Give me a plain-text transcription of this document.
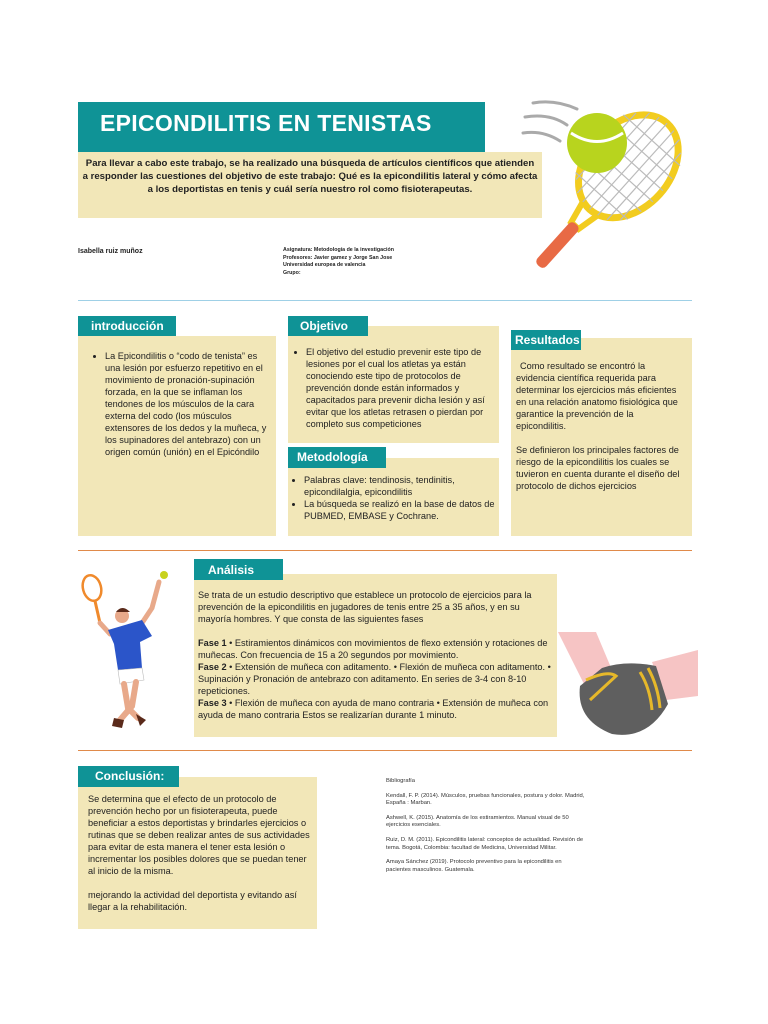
EPICONDILITIS EN TENISTAS

Para llevar a cabo este trabajo, se ha realizado una búsqueda de artículos científicos que atienden a responder las cuestiones del objetivo de este trabajo: Qué es la epicondilitis lateral y cómo afecta a los deportistas en tenis y cuál sería nuestro rol como fisioterapeutas.

Isabella ruiz muñoz	Asignatura: Metodología de la investigación
Profesores: Javier gamez y Jorge San Jose
Universidad europea de valencia
Grupo:
• La Epicondilitis o “codo de tenista” es una lesión por esfuerzo repetitivo en el movimiento de pronación-supinación forzada, en la que se inflaman los tendones de los músculos de la cara externa del codo (los músculos extensores de los dedos y la muñeca, y los supinadores del antebrazo) con un origen común (unión) en el Epicóndilo
introducción
• El objetivo del estudio prevenir este tipo de lesiones por el cual los atletas ya están conociendo este tipo de protocolos de prevención donde están informados y capacitados para prevenir dicha lesión y así evitar que los atletas retrasen o pierdan por completo sus competiciones
Objetivo
• Palabras clave: tendinosis, tendinitis, epicondilalgia, epicondilitis
• La búsqueda se realizó en la base de datos de PUBMED, EMBASE y Cochrane.
Metodología

Como resultado se encontró la evidencia científica requerida para determinar los ejercicios más eficientes en una relación anatomo fisiológica que garantice la prevención de la epicondilitis.

Se definieron los principales factores de riesgo de la epicondilitis los cuales se tuvieron en cuenta durante el diseño del protocolo de dichos ejercicios

Resultados

Se trata de un estudio descriptivo que establece un protocolo de ejercicios para la prevención de la epicondilitis en jugadores de tenis entre 25 a 35 años, y en su mayoría hombres. Y que consta de las siguientes fases

Fase 1 • Estiramientos dinámicos con movimientos de flexo extensión y rotaciones de muñecas. Con frecuencia de 15 a 20 segundos por movimiento.

Fase 2 • Extensión de muñeca con aditamento. • Flexión de muñeca con aditamento. • Supinación y Pronación de antebrazo con aditamento. En series de 3-4 con 8-10 repeticiones.

Fase 3 • Flexión de muñeca con ayuda de mano contraria • Extensión de muñeca con ayuda de mano contraria Estos se realizarían durante 1 minuto.

Análisis

Se determina que el efecto de un protocolo de prevención hecho por un fisioterapeuta, puede beneficiar a estos deportistas y brindarles ejercicios o rutinas que se deben realizar antes de sus actividades para evitar de esta manera el tener esta lesión o incrementar los posibles dolores que se puedan tener al inicio de la misma.

mejorando la actividad del deportista y evitando así llegar a la rehabilitación.

Conclusión:	Bibliografía

Kendall, F. P. (2014). Músculos, pruebas funcionales, postura y dolor. Madrid, España : Marban.

Ashwell, K. (2015). Anatomía de los estiramientos. Manual visual de 50 ejercicios esenciales.

Ruiz, D. M. (2011). Epicondilitis lateral: conceptos de actualidad. Revisión de tema. Bogotá, Colombia: facultad de Medicina, Universidad Militar.

Amaya Sánchez (2019). Protocolo preventivo para la epicondilitis en pacientes masculinos. Guatemala.
